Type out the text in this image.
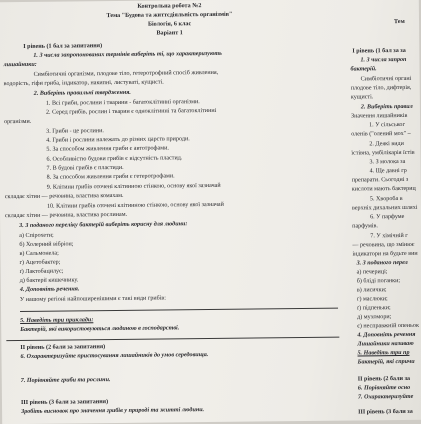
Контрольна робота №2
Тема "Будова та життєдіяльність організмів"
Біологія, 6 клас
Варіант 1
І рівень (1 бал за запитання)
1. З числа запропонованих термінів виберіть ті, що характеризують
лишайники:
Симбіотичні організми, плодове тіло, гетеротрофний спосіб живлення,
водорість, гіфи гриба, індикатор, накипні, листуваті, кущисті.
2. Виберіть правильні твердження.
1. Всі гриби, рослини і тварини - багатоклітинні організми.
2. Серед грибів, рослин і тварин є одноклітинні та багатоклітинні
організми.
3. Гриби - це рослини.
4. Гриби і рослини належать до різних царств природи.
5. За способом живлення гриби є автотрофами.
6. Особливістю будови грибів є відсутність пластид.
7. В будові грибів є пластиди.
8. За способом живлення гриби є гетеротрофами.
9. Клітини грибів оточені клітинною стінкою, основу якої зазначай
складає хітин — речовина, властива комахам.
10. Клітини грибів оточені клітинною стінкою, основу якої зазначай
складає хітин — речовина, властива рослинам.
3. З поданого переліку бактерій виберіть корисну для людини:
а) Спірохети;
б) Холерний вібріон;
в) Сальмонела;
г) Ацетобактер;
ґ) Лактобацилус;
д) бактерії кишечнику.
4. Доповніть речення.
У нашому регіоні найпоширенішими є такі види грибів:
5. Наведіть три приклади:
Бактерій, які використовуються людиною в господарстві.
ІІ рівень (2 бали за запитання)
6. Охарактеризуйте пристосування лишайників до умов середовища.
7. Порівняйте гриби та рослини.
ІІІ рівень (3 бали за запитання)
Зробіть висновок про значення грибів у природі та житті людини.
Тем
І рівень (1 бал за за
1. З числа запроп
бактерій.
Симбіотичні органі
плодове тіло, дифтерія,
кущисті.
2. Виберіть правил
Значення лишайників
1. У сільськог
оленів ("олений мох" –
2. Деякі види
їстівна, умбілікарія їстів
3. З молока за
4. Ще давні гр
препарати. Сьогодні з
кислоти мають бактериц
5. Хвороба в
верхніх дихальних шляхі
6. У парфуме
парфумів.
7. У хімічній г
— речовина, що змінює
індикатори на будьте вин
3. З поданого перел
а) печериці;
б) бліді поганки;
в) лисички;
г) маслюки;
ґ) підпеньки;
д) мухомори;
є) несправжній опеньок
4. Доповніть речення
Лишайники називаю
5. Наведіть три пр
Бактерій, які спричи
ІІ рівень (2 бали за
6. Порівняйте осно
7. Охарактеризуйте
ІІІ рівень (3 бали за
